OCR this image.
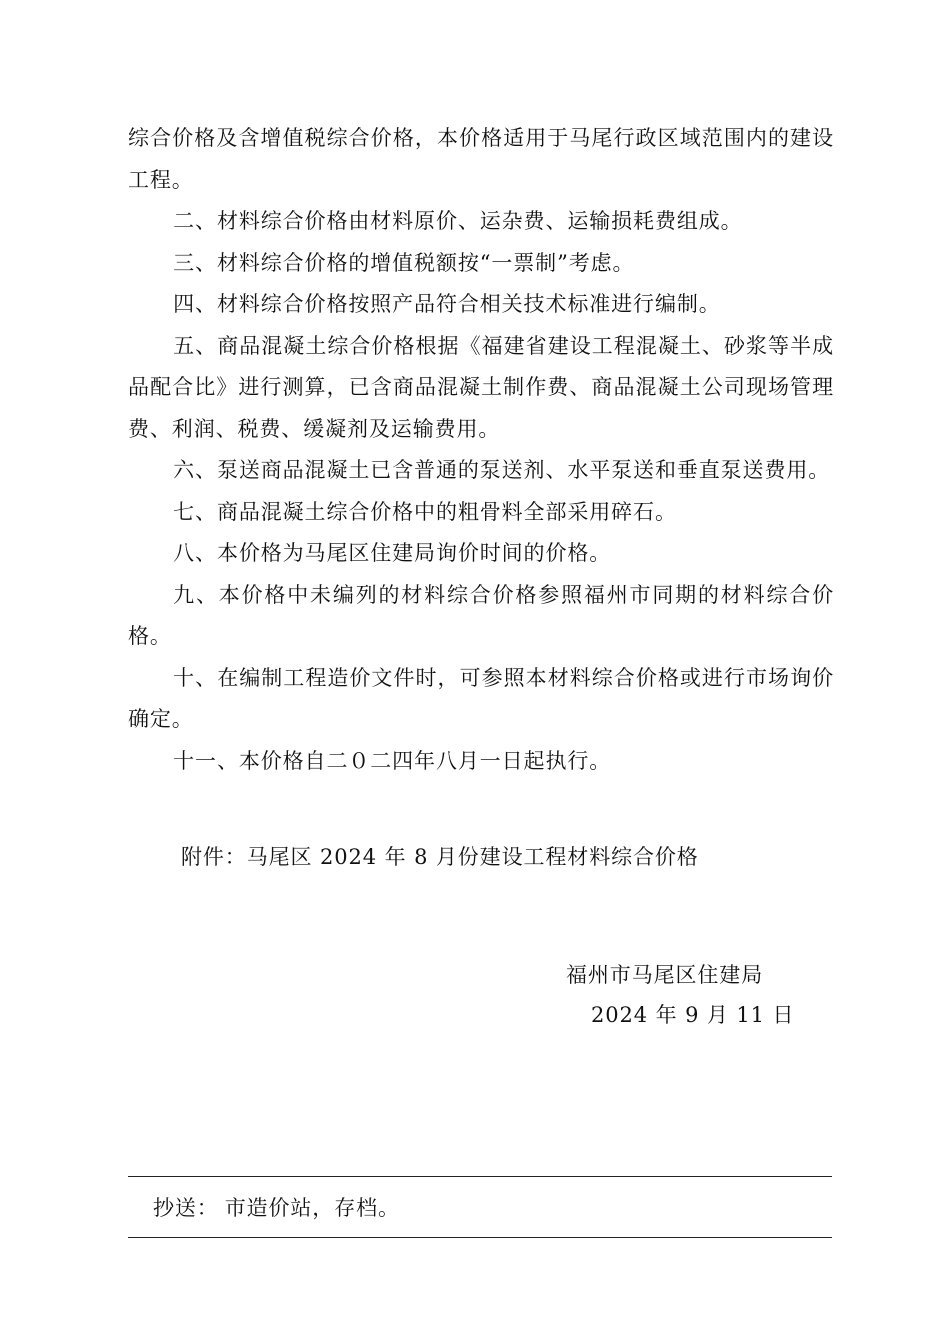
综合价格及含增值税综合价格，本价格适用于马尾行政区域范围内的建设工程。

二、材料综合价格由材料原价、运杂费、运输损耗费组成。

三、材料综合价格的增值税额按“一票制”考虑。

四、材料综合价格按照产品符合相关技术标准进行编制。

五、商品混凝土综合价格根据《福建省建设工程混凝土、砂浆等半成品配合比》进行测算，已含商品混凝土制作费、商品混凝土公司现场管理费、利润、税费、缓凝剂及运输费用。

六、泵送商品混凝土已含普通的泵送剂、水平泵送和垂直泵送费用。

七、商品混凝土综合价格中的粗骨料全部采用碎石。

八、本价格为马尾区住建局询价时间的价格。

九、本价格中未编列的材料综合价格参照福州市同期的材料综合价格。

十、在编制工程造价文件时，可参照本材料综合价格或进行市场询价确定。

十一、本价格自二０二四年八月一日起执行。

附件：马尾区 2024 年 8 月份建设工程材料综合价格
福州市马尾区住建局
2024 年 9 月 11 日
抄送： 市造价站，存档。
